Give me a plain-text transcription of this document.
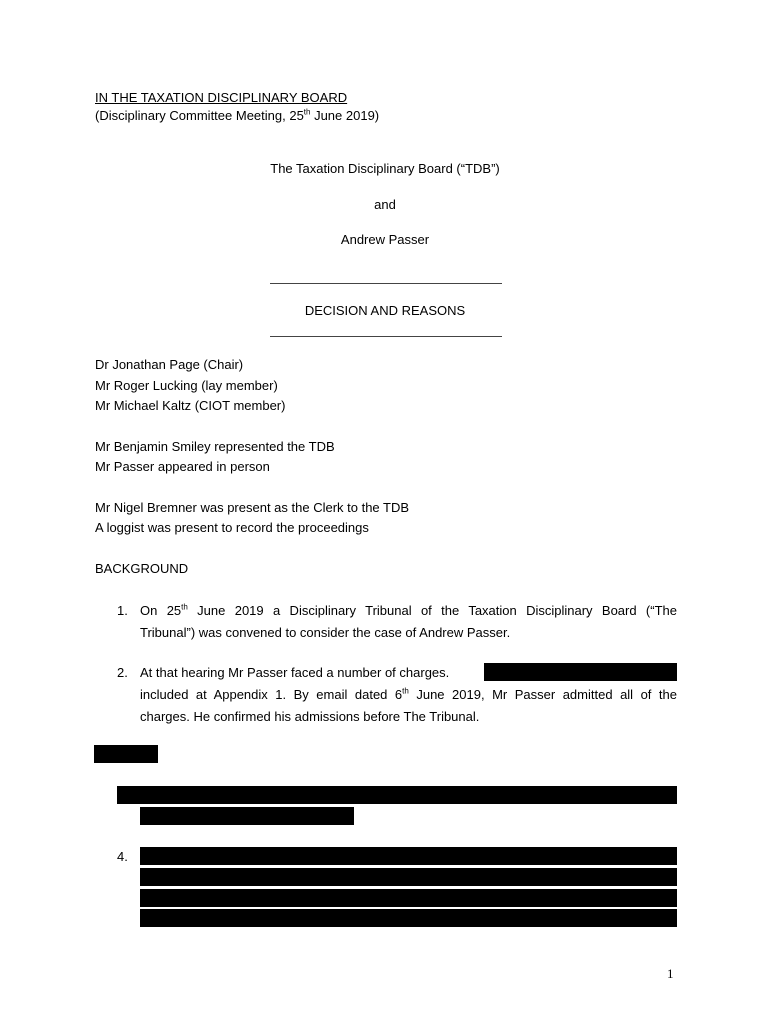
IN THE TAXATION DISCIPLINARY BOARD
(Disciplinary Committee Meeting, 25th June 2019)
The Taxation Disciplinary Board (“TDB”)
and
Andrew Passer
DECISION AND REASONS
Dr Jonathan Page (Chair)
Mr Roger Lucking (lay member)
Mr Michael Kaltz (CIOT member)
Mr Benjamin Smiley represented the TDB
Mr Passer appeared in person
Mr Nigel Bremner was present as the Clerk to the TDB
A loggist was present to record the proceedings
BACKGROUND
1. On 25th June 2019 a Disciplinary Tribunal of the Taxation Disciplinary Board (“The
Tribunal”) was convened to consider the case of Andrew Passer.
2. At that hearing Mr Passer faced a number of charges.
included at Appendix 1. By email dated 6th June 2019, Mr Passer admitted all of the
charges. He confirmed his admissions before The Tribunal.
4.
1
